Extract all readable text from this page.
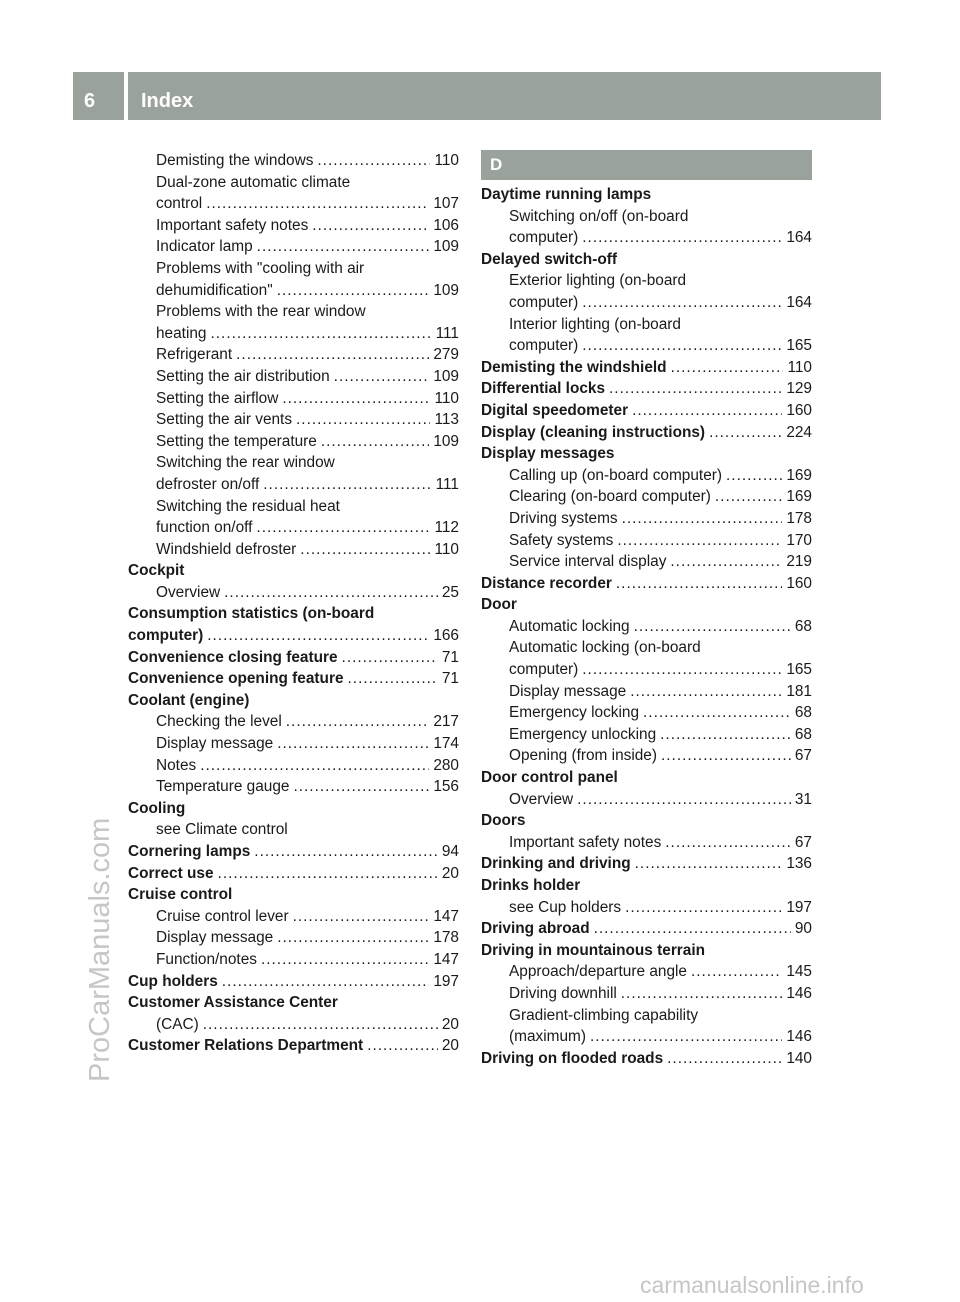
6 Index
ProCarManuals.com
Demisting the windows .....	110
Dual-zone automatic climate
control .....	107
Important safety notes .....	106
Indicator lamp .....	109
Problems with "cooling with air
dehumidification" .....	109
Problems with the rear window
heating .....	111
Refrigerant .....	279
Setting the air distribution .....	109
Setting the airflow .....	110
Setting the air vents .....	113
Setting the temperature .....	109
Switching the rear window
defroster on/off .....	111
Switching the residual heat
function on/off .....	112
Windshield defroster .....	110
Cockpit
Overview .....	25
Consumption statistics (on-board
computer) .....	166
Convenience closing feature .....	71
Convenience opening feature .....	71
Coolant (engine)
Checking the level .....	217
Display message .....	174
Notes .....	280
Temperature gauge .....	156
Cooling
see Climate control
Cornering lamps .....	94
Correct use .....	20
Cruise control
Cruise control lever .....	147
Display message .....	178
Function/notes .....	147
Cup holders .....	197
Customer Assistance Center
(CAC) .....	20
Customer Relations Department .....	20
D
Daytime running lamps
Switching on/off (on-board
computer) .....	164
Delayed switch-off
Exterior lighting (on-board
computer) .....	164
Interior lighting (on-board
computer) .....	165
Demisting the windshield .....	110
Differential locks .....	129
Digital speedometer .....	160
Display (cleaning instructions) .....	224
Display messages
Calling up (on-board computer) .....	169
Clearing (on-board computer) .....	169
Driving systems .....	178
Safety systems .....	170
Service interval display .....	219
Distance recorder .....	160
Door
Automatic locking .....	68
Automatic locking (on-board
computer) .....	165
Display message .....	181
Emergency locking .....	68
Emergency unlocking .....	68
Opening (from inside) .....	67
Door control panel
Overview .....	31
Doors
Important safety notes .....	67
Drinking and driving .....	136
Drinks holder
see Cup holders .....	197
Driving abroad .....	90
Driving in mountainous terrain
Approach/departure angle .....	145
Driving downhill .....	146
Gradient-climbing capability
(maximum) .....	146
Driving on flooded roads .....	140
carmanualsonline.info
